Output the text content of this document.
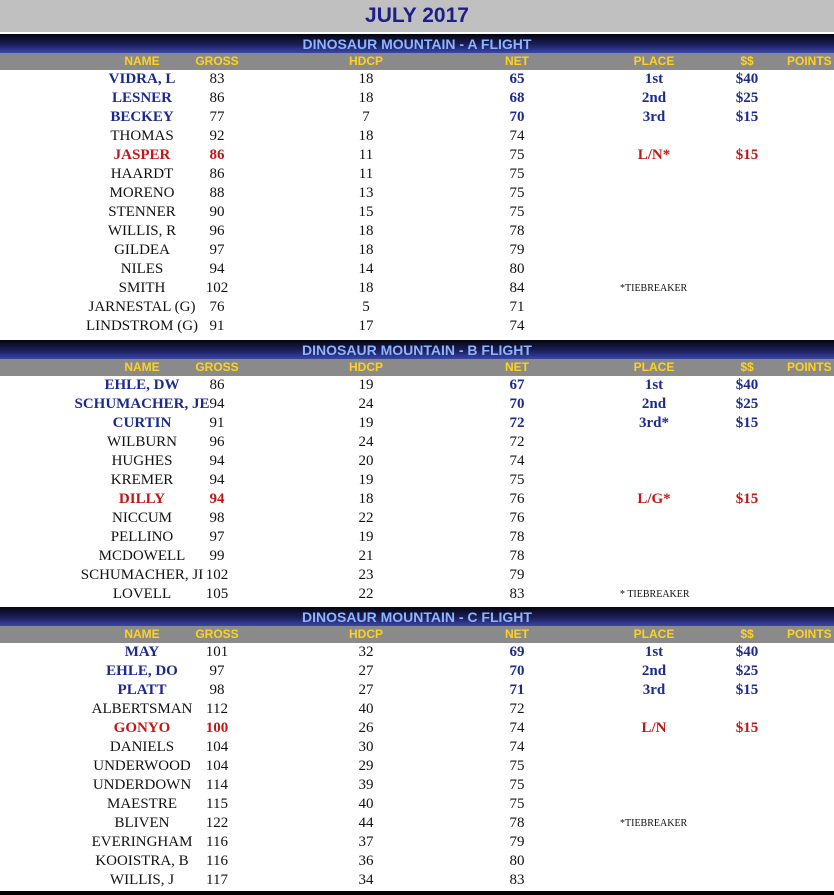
JULY 2017
DINOSAUR MOUNTAIN - A FLIGHT
NAME	GROSS	HDCP	NET	PLACE	$$	POINTS
VIDRA, L 83	18	65	1st	$40
LESNER 86	18	68	2nd	$25
BECKEY 77	7	70	3rd	$15
THOMAS 92	18	74
JASPER	86	11	75	L/N*	$15
HAARDT 86	11	75
MORENO 88	13	75
STENNER 90	15	75
WILLIS, R 96	18	78
GILDEA	97	18	79
NILES	94	14	80
SMITH	102	18	84	*TIEBREAKER
JARNESTAL (G) 76	5	71
LINDSTROM (G) 91	17	74
DINOSAUR MOUNTAIN - B FLIGHT
NAME	GROSS	HDCP	NET	PLACE	$$	POINTS
EHLE, DW 86	19	67	1st	$40
SCHUMACHER, JE 94	24	70	2nd	$25
CURTIN	91	19	72	3rd*	$15
WILBURN 96	24	72
HUGHES 94	20	74
KREMER 94	19	75
DILLY	94	18	76	L/G*	$15
NICCUM 98	22	76
PELLINO 97	19	78
MCDOWELL 99	21	78
SCHUMACHER, JI 102	23	79
LOVELL 105	22	83	* TIEBREAKER
DINOSAUR MOUNTAIN - C FLIGHT
NAME	GROSS	HDCP	NET	PLACE	$$	POINTS
MAY	101	32	69	1st	$40
EHLE, DO 97	27	70	2nd	$25
PLATT	98	27	71	3rd	$15
ALBERTSMAN 112	40	72
GONYO 100	26	74	L/N	$15
DANIELS 104	30	74
UNDERWOOD 104	29	75
UNDERDOWN 114	39	75
MAESTRE 115	40	75
BLIVEN 122	44	78	*TIEBREAKER
EVERINGHAM 116	37	79
KOOISTRA, B 116	36	80
WILLIS, J 117	34	83
